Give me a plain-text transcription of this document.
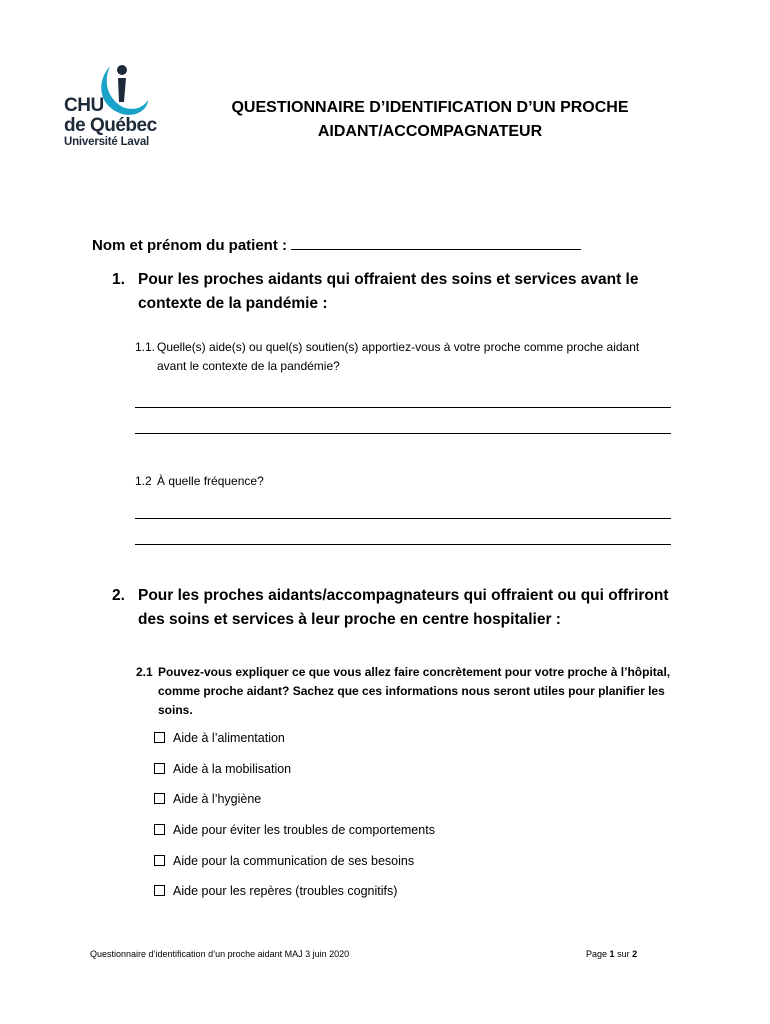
CHU
de Québec
Université Laval
QUESTIONNAIRE D’IDENTIFICATION D’UN PROCHE
AIDANT/ACCOMPAGNATEUR
Nom et prénom du patient :
1. Pour les proches aidants qui offraient des soins et services avant le
contexte de la pandémie :
1.1. Quelle(s) aide(s) ou quel(s) soutien(s) apportiez-vous à votre proche comme proche aidant
avant le contexte de la pandémie?
1.2 À quelle fréquence?
2. Pour les proches aidants/accompagnateurs qui offraient ou qui offriront
des soins et services à leur proche en centre hospitalier :
2.1 Pouvez-vous expliquer ce que vous allez faire concrètement pour votre proche à l’hôpital,
comme proche aidant? Sachez que ces informations nous seront utiles pour planifier les
soins.
Aide à l’alimentation
Aide à la mobilisation
Aide à l’hygiène
Aide pour éviter les troubles de comportements
Aide pour la communication de ses besoins
Aide pour les repères (troubles cognitifs)
Questionnaire d’identification d’un proche aidant MAJ 3 juin 2020	Page 1 sur 2
